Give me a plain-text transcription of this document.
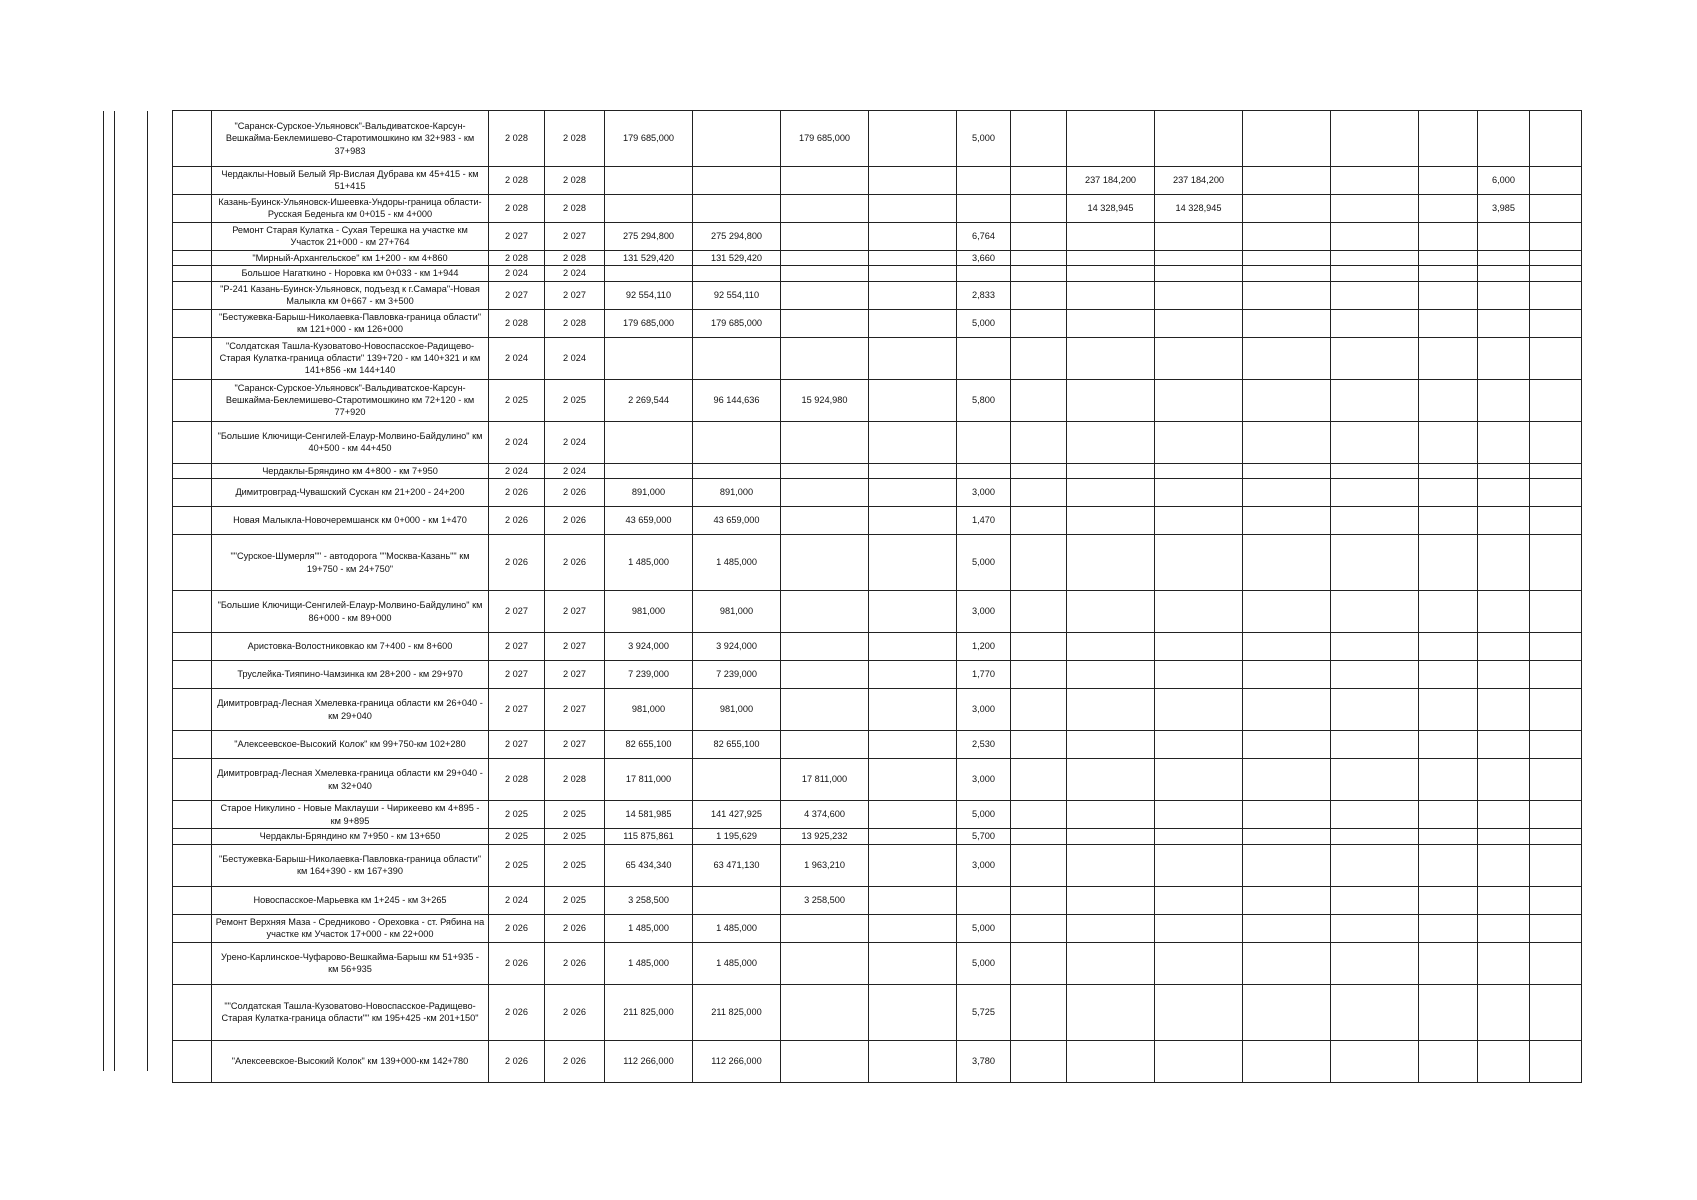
	"Саранск-Сурское-Ульяновск"-Вальдиватское-Карсун-Вешкайма-Беклемишево-Старотимошкино км 32+983 - км 37+983	2 028	2 028	179 685,000		179 685,000		5,000								
	Чердаклы-Новый Белый Яр-Вислая Дубрава км 45+415 - км 51+415	2 028	2 028							237 184,200	237 184,200				6,000	
	Казань-Буинск-Ульяновск-Ишеевка-Ундоры-граница области-Русская Беденьга км 0+015 - км 4+000	2 028	2 028							14 328,945	14 328,945				3,985	
	Ремонт Старая Кулатка - Сухая Терешка на участке км Участок 21+000 - км 27+764	2 027	2 027	275 294,800	275 294,800			6,764								
	"Мирный-Архангельское" км 1+200 - км 4+860	2 028	2 028	131 529,420	131 529,420			3,660								
	Большое Нагаткино - Норовка км 0+033 - км 1+944	2 024	2 024													
	"Р-241 Казань-Буинск-Ульяновск, подъезд к г.Самара"-Новая Малыкла км 0+667 - км 3+500	2 027	2 027	92 554,110	92 554,110			2,833								
	"Бестужевка-Барыш-Николаевка-Павловка-граница области" км 121+000 - км 126+000	2 028	2 028	179 685,000	179 685,000			5,000								
	"Солдатская Ташла-Кузоватово-Новоспасское-Радищево-Старая Кулатка-граница области" 139+720 - км 140+321 и км 141+856 -км 144+140	2 024	2 024													
	"Саранск-Сурское-Ульяновск"-Вальдиватское-Карсун-Вешкайма-Беклемишево-Старотимошкино км 72+120 - км 77+920	2 025	2 025	2 269,544	96 144,636	15 924,980		5,800								
	"Большие Ключищи-Сенгилей-Елаур-Молвино-Байдулино" км 40+500 - км 44+450	2 024	2 024													
	Чердаклы-Бряндино км 4+800 - км 7+950	2 024	2 024													
	Димитровград-Чувашский Сускан км 21+200 - 24+200	2 026	2 026	891,000	891,000			3,000								
	Новая Малыкла-Новочеремшанск км 0+000 - км 1+470	2 026	2 026	43 659,000	43 659,000			1,470								
	""Сурское-Шумерля"" - автодорога ""Москва-Казань"" км 19+750 - км 24+750"	2 026	2 026	1 485,000	1 485,000			5,000								
	"Большие Ключищи-Сенгилей-Елаур-Молвино-Байдулино" км 86+000 - км 89+000	2 027	2 027	981,000	981,000			3,000								
	Аристовка-Волостниковкао км 7+400 - км 8+600	2 027	2 027	3 924,000	3 924,000			1,200								
	Труслейка-Тияпино-Чамзинка км 28+200 - км 29+970	2 027	2 027	7 239,000	7 239,000			1,770								
	Димитровград-Лесная Хмелевка-граница области км 26+040 - км 29+040	2 027	2 027	981,000	981,000			3,000								
	"Алексеевское-Высокий Колок" км 99+750-км 102+280	2 027	2 027	82 655,100	82 655,100			2,530								
	Димитровград-Лесная Хмелевка-граница области км 29+040 - км 32+040	2 028	2 028	17 811,000		17 811,000		3,000								
	Старое Никулино - Новые Маклауши - Чирикеево км 4+895 - км 9+895	2 025	2 025	14 581,985	141 427,925	4 374,600		5,000								
	Чердаклы-Бряндино км 7+950 - км 13+650	2 025	2 025	115 875,861	1 195,629	13 925,232		5,700								
	"Бестужевка-Барыш-Николаевка-Павловка-граница области" км 164+390 - км 167+390	2 025	2 025	65 434,340	63 471,130	1 963,210		3,000								
	Новоспасское-Марьевка км 1+245 - км 3+265	2 024	2 025	3 258,500		3 258,500										
	Ремонт Верхняя Маза - Средниково - Ореховка - ст. Рябина на участке км Участок 17+000 - км 22+000	2 026	2 026	1 485,000	1 485,000			5,000								
	Урено-Карлинское-Чуфарово-Вешкайма-Барыш км 51+935 - км 56+935	2 026	2 026	1 485,000	1 485,000			5,000								
	""Солдатская Ташла-Кузоватово-Новоспасское-Радищево-Старая Кулатка-граница области"" км 195+425 -км 201+150"	2 026	2 026	211 825,000	211 825,000			5,725								
	"Алексеевское-Высокий Колок" км 139+000-км 142+780	2 026	2 026	112 266,000	112 266,000			3,780								
